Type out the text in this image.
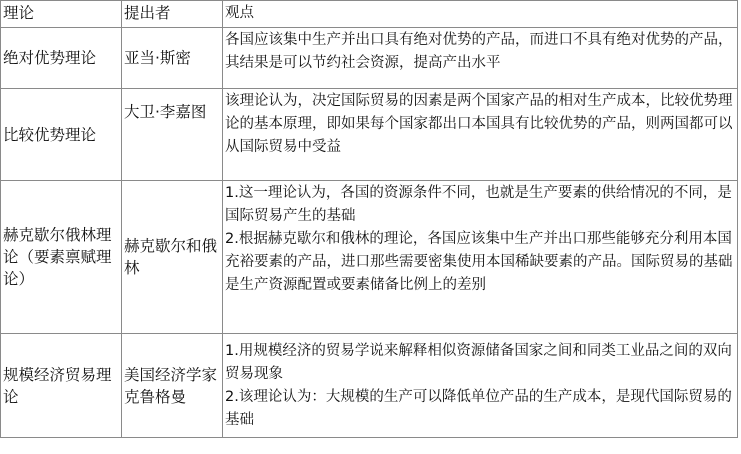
理论	提出者	观点
绝对优势理论	亚当·斯密	各国应该集中生产并出口具有绝对优势的产品，而进口不具有绝对优势的产品，其结果是可以节约社会资源，提高产出水平

比较优势理论	大卫·李嘉图	该理论认为，决定国际贸易的因素是两个国家产品的相对生产成本，比较优势理论的基本原理，即如果每个国家都出口本国具有比较优势的产品，则两国都可以从国际贸易中受益

赫克歇尔俄林理论（要素禀赋理论）	赫克歇尔和俄林	1.这一理论认为，各国的资源条件不同，也就是生产要素的供给情况的不同，是国际贸易产生的基础
2.根据赫克歇尔和俄林的理论，各国应该集中生产并出口那些能够充分利用本国充裕要素的产品，进口那些需要密集使用本国稀缺要素的产品。国际贸易的基础是生产资源配置或要素储备比例上的差别

规模经济贸易理论	美国经济学家克鲁格曼	1.用规模经济的贸易学说来解释相似资源储备国家之间和同类工业品之间的双向贸易现象
2.该理论认为：大规模的生产可以降低单位产品的生产成本，是现代国际贸易的基础
